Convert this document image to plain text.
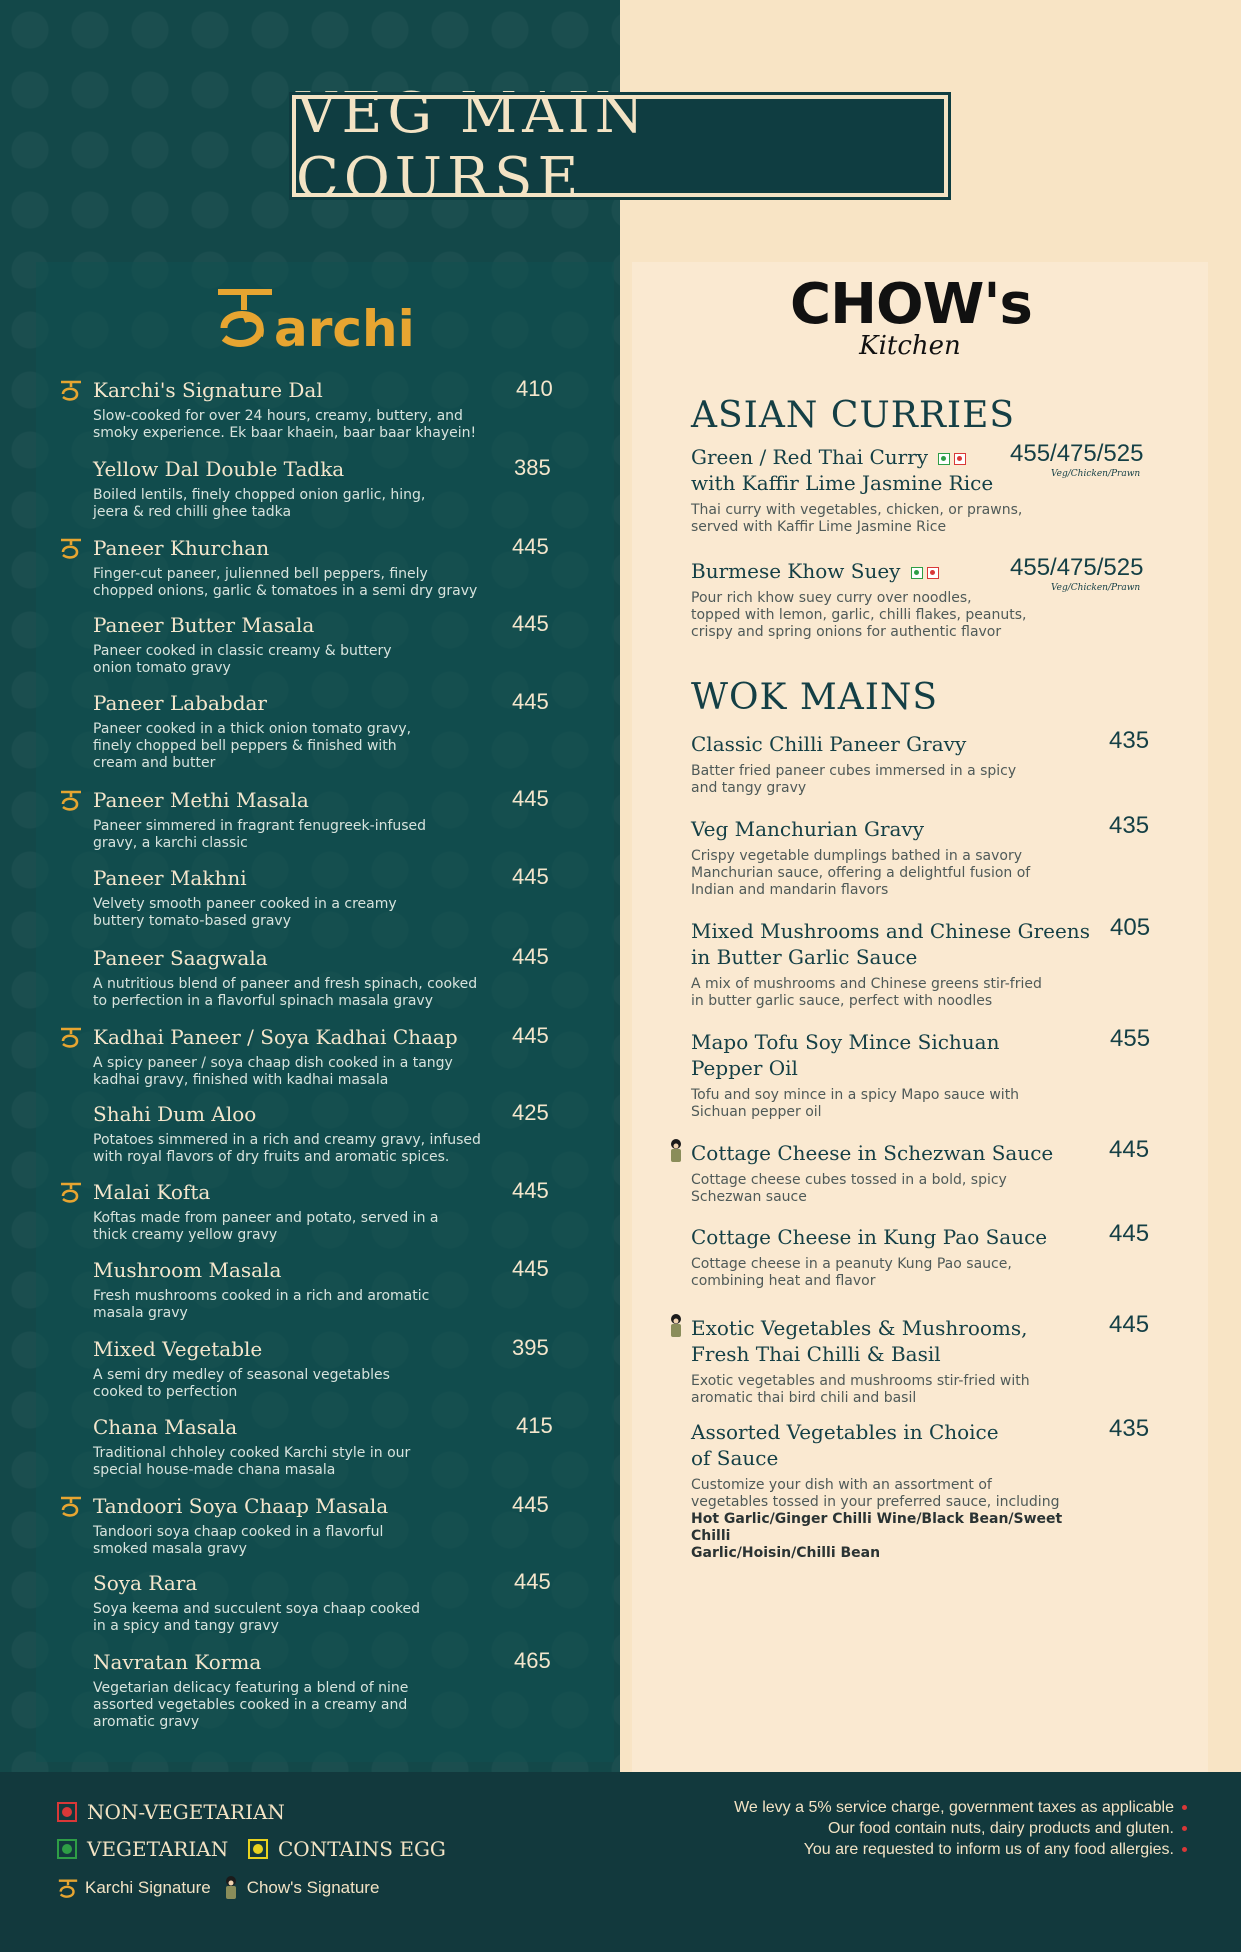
VEG MAIN COURSE
archi	CHOW's
Kitchen
Karchi's Signature Dal
Slow-cooked for over 24 hours, creamy, buttery, and
smoky experience. Ek baar khaein, baar baar khayein!
410
Yellow Dal Double Tadka
Boiled lentils, finely chopped onion garlic, hing,
jeera & red chilli ghee tadka
385
Paneer Khurchan
Finger-cut paneer, julienned bell peppers, finely
chopped onions, garlic & tomatoes in a semi dry gravy
445
Paneer Butter Masala
Paneer cooked in classic creamy & buttery
onion tomato gravy
445
Paneer Lababdar
Paneer cooked in a thick onion tomato gravy,
finely chopped bell peppers & finished with
cream and butter
445
Paneer Methi Masala
Paneer simmered in fragrant fenugreek-infused
gravy, a karchi classic
445
Paneer Makhni
Velvety smooth paneer cooked in a creamy
buttery tomato-based gravy
445
Paneer Saagwala
A nutritious blend of paneer and fresh spinach, cooked
to perfection in a flavorful spinach masala gravy
445
Kadhai Paneer / Soya Kadhai Chaap
A spicy paneer / soya chaap dish cooked in a tangy
kadhai gravy, finished with kadhai masala
445
Shahi Dum Aloo
Potatoes simmered in a rich and creamy gravy, infused
with royal flavors of dry fruits and aromatic spices.
425
Malai Kofta
Koftas made from paneer and potato, served in a
thick creamy yellow gravy
445
Mushroom Masala
Fresh mushrooms cooked in a rich and aromatic
masala gravy
445
Mixed Vegetable
A semi dry medley of seasonal vegetables
cooked to perfection
395
Chana Masala
Traditional chholey cooked Karchi style in our
special house-made chana masala
415
Tandoori Soya Chaap Masala
Tandoori soya chaap cooked in a flavorful
smoked masala gravy
445
Soya Rara
Soya keema and succulent soya chaap cooked
in a spicy and tangy gravy
445
Navratan Korma
Vegetarian delicacy featuring a blend of nine
assorted vegetables cooked in a creamy and
aromatic gravy
465
ASIAN CURRIES
Green / Red Thai Curry

with Kaffir Lime Jasmine Rice
Thai curry with vegetables, chicken, or prawns,
served with Kaffir Lime Jasmine Rice
455/475/525
Veg/Chicken/Prawn
Burmese Khow Suey
Pour rich khow suey curry over noodles,
topped with lemon, garlic, chilli flakes, peanuts,
crispy and spring onions for authentic flavor
455/475/525
Veg/Chicken/Prawn
WOK MAINS
Classic Chilli Paneer Gravy
Batter fried paneer cubes immersed in a spicy
and tangy gravy
435
Veg Manchurian Gravy
Crispy vegetable dumplings bathed in a savory
Manchurian sauce, offering a delightful fusion of
Indian and mandarin flavors
435
Mixed Mushrooms and Chinese Greens
in Butter Garlic Sauce
A mix of mushrooms and Chinese greens stir-fried
in butter garlic sauce, perfect with noodles
405
Mapo Tofu Soy Mince Sichuan
Pepper Oil
Tofu and soy mince in a spicy Mapo sauce with
Sichuan pepper oil
455
Cottage Cheese in Schezwan Sauce
Cottage cheese cubes tossed in a bold, spicy
Schezwan sauce
445
Cottage Cheese in Kung Pao Sauce
Cottage cheese in a peanuty Kung Pao sauce,
combining heat and flavor
445
Exotic Vegetables & Mushrooms,
Fresh Thai Chilli & Basil
Exotic vegetables and mushrooms stir-fried with
aromatic thai bird chili and basil
445
Assorted Vegetables in Choice
of Sauce
Customize your dish with an assortment of
vegetables tossed in your preferred sauce, including
Hot Garlic/Ginger Chilli Wine/Black Bean/Sweet Chilli
Garlic/Hoisin/Chilli Bean
435
NON-VEGETARIAN
VEGETARIAN	CONTAINS EGG
Karchi Signature Chow's Signature
We levy a 5% service charge, government taxes as applicable
Our food contain nuts, dairy products and gluten.
You are requested to inform us of any food allergies.
